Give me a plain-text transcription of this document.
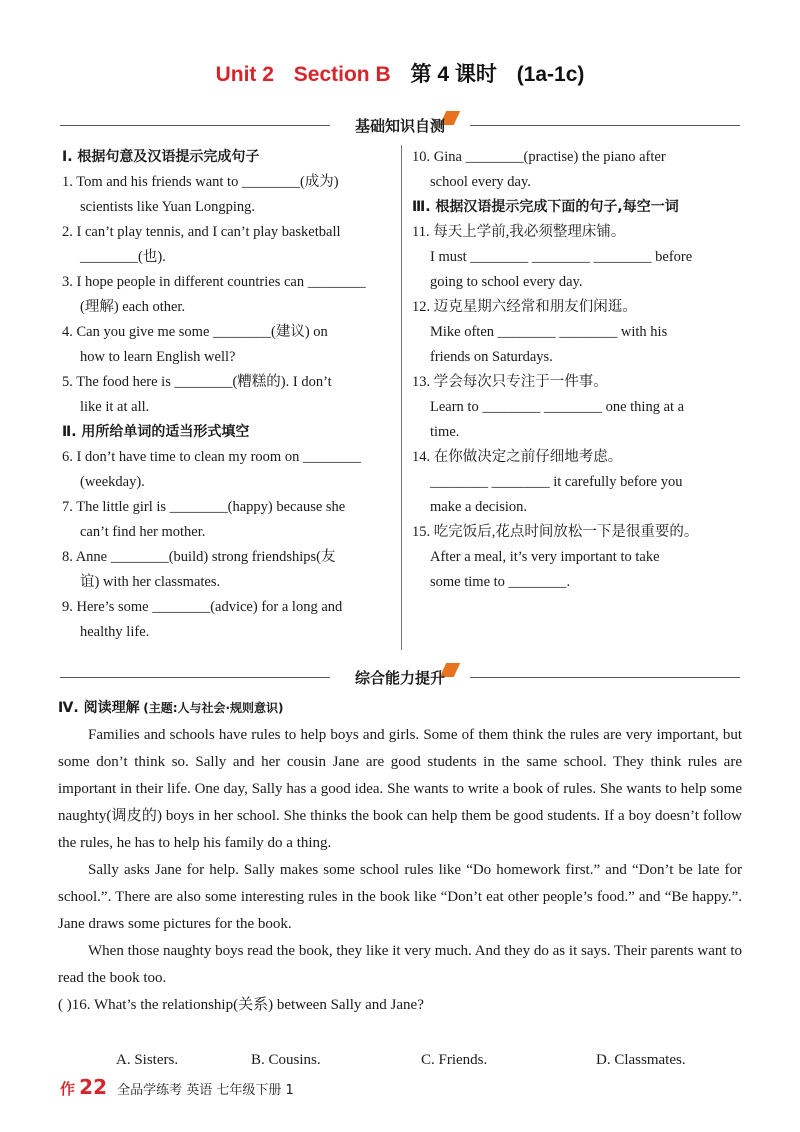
Unit 2 Section B 第 4 课时 (1a-1c)
基础知识自测
Ⅰ. 根据句意及汉语提示完成句子
1. Tom and his friends want to ________(成为)
scientists like Yuan Longping.
2. I can’t play tennis, and I can’t play basketball
________(也).
3. I hope people in different countries can ________
(理解) each other.
4. Can you give me some ________(建议) on
how to learn English well?
5. The food here is ________(糟糕的). I don’t
like it at all.
Ⅱ. 用所给单词的适当形式填空
6. I don’t have time to clean my room on ________
(weekday).
7. The little girl is ________(happy) because she
can’t find her mother.
8. Anne ________(build) strong friendships(友
谊) with her classmates.
9. Here’s some ________(advice) for a long and
healthy life.
10. Gina ________(practise) the piano after
school every day.
Ⅲ. 根据汉语提示完成下面的句子,每空一词
11. 每天上学前,我必须整理床铺。
I must ________ ________ ________ before
going to school every day.
12. 迈克星期六经常和朋友们闲逛。
Mike often ________ ________ with his
friends on Saturdays.
13. 学会每次只专注于一件事。
Learn to ________ ________ one thing at a
time.
14. 在你做决定之前仔细地考虑。
________ ________ it carefully before you
make a decision.
15. 吃完饭后,花点时间放松一下是很重要的。
After a meal, it’s very important to take
some time to ________.
综合能力提升
Ⅳ. 阅读理解 (主题:人与社会·规则意识)

Families and schools have rules to help boys and girls. Some of them think the rules are very important, but some don’t think so. Sally and her cousin Jane are good students in the same school. They think rules are important in their life. One day, Sally has a good idea. She wants to write a book of rules. She wants to help some naughty(调皮的) boys in her school. She thinks the book can help them be good students. If a boy doesn’t follow the rules, he has to help his family do a thing.

Sally asks Jane for help. Sally makes some school rules like “Do homework first.” and “Don’t be late for school.”. There are also some interesting rules in the book like “Don’t eat other people’s food.” and “Be happy.”. Jane draws some pictures for the book.

When those naughty boys read the book, they like it very much. And they do as it says. Their parents want to read the book too.

( )16. What’s the relationship(关系) between Sally and Jane?
A. Sisters.	B. Cousins.	C. Friends.	D. Classmates.
作 22 全品学练考 英语 七年级下册 1
